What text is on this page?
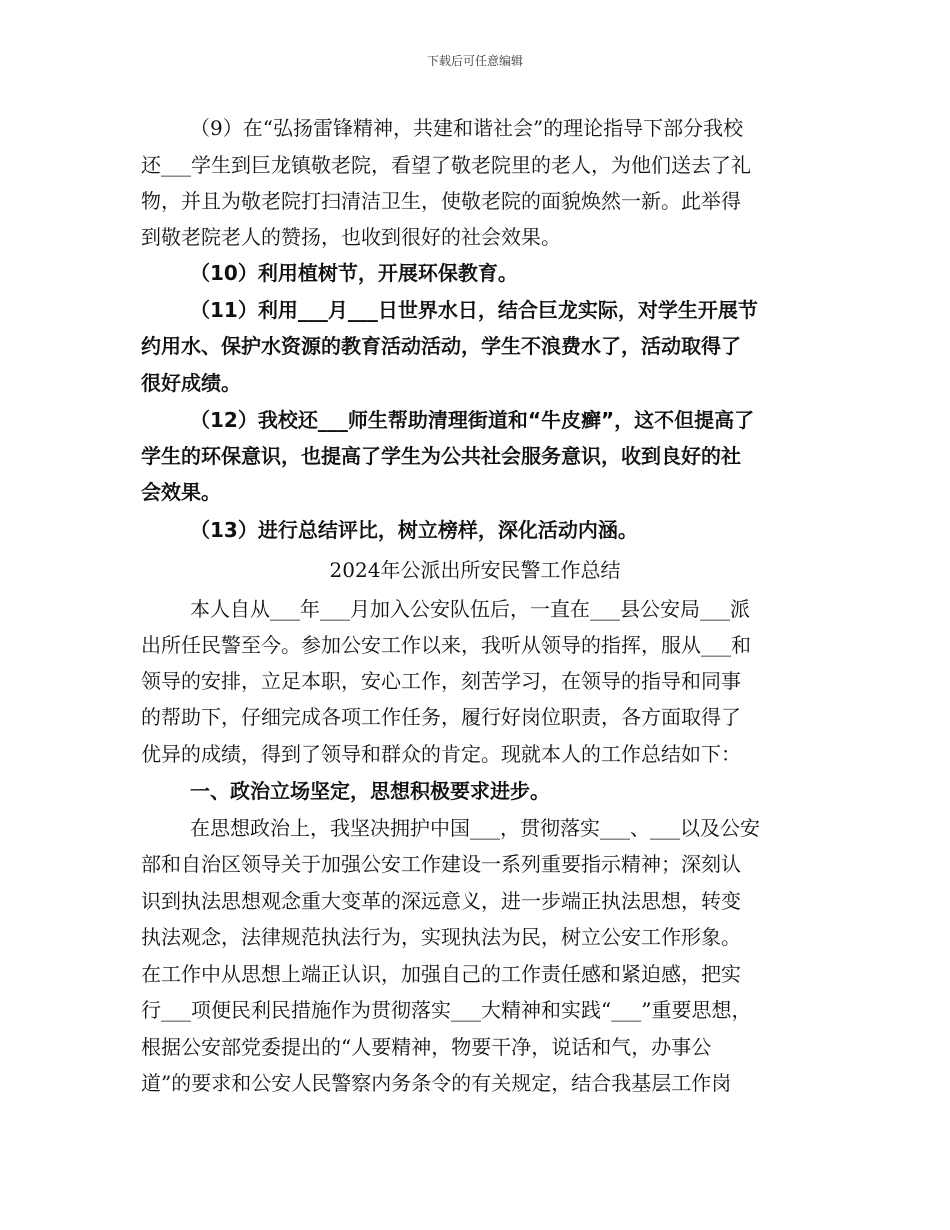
下载后可任意编辑
（9）在“弘扬雷锋精神，共建和谐社会”的理论指导下部分我校
还___学生到巨龙镇敬老院，看望了敬老院里的老人，为他们送去了礼
物，并且为敬老院打扫清洁卫生，使敬老院的面貌焕然一新。此举得
到敬老院老人的赞扬，也收到很好的社会效果。
（10）利用植树节，开展环保教育。
（11）利用___月___日世界水日，结合巨龙实际，对学生开展节
约用水、保护水资源的教育活动活动，学生不浪费水了，活动取得了
很好成绩。
（12）我校还___师生帮助清理街道和“牛皮癣”，这不但提高了
学生的环保意识，也提高了学生为公共社会服务意识，收到良好的社
会效果。
（13）进行总结评比，树立榜样，深化活动内涵。
2024年公派出所安民警工作总结
本人自从___年___月加入公安队伍后，一直在___县公安局___派
出所任民警至今。参加公安工作以来，我听从领导的指挥，服从___和
领导的安排，立足本职，安心工作，刻苦学习，在领导的指导和同事
的帮助下，仔细完成各项工作任务，履行好岗位职责，各方面取得了
优异的成绩，得到了领导和群众的肯定。现就本人的工作总结如下：
一、政治立场坚定，思想积极要求进步。
在思想政治上，我坚决拥护中国___，贯彻落实___、___以及公安
部和自治区领导关于加强公安工作建设一系列重要指示精神；深刻认
识到执法思想观念重大变革的深远意义，进一步端正执法思想，转变
执法观念，法律规范执法行为，实现执法为民，树立公安工作形象。
在工作中从思想上端正认识，加强自己的工作责任感和紧迫感，把实
行___项便民利民措施作为贯彻落实___大精神和实践“___”重要思想，
根据公安部党委提出的“人要精神，物要干净，说话和气，办事公
道”的要求和公安人民警察内务条令的有关规定，结合我基层工作岗
